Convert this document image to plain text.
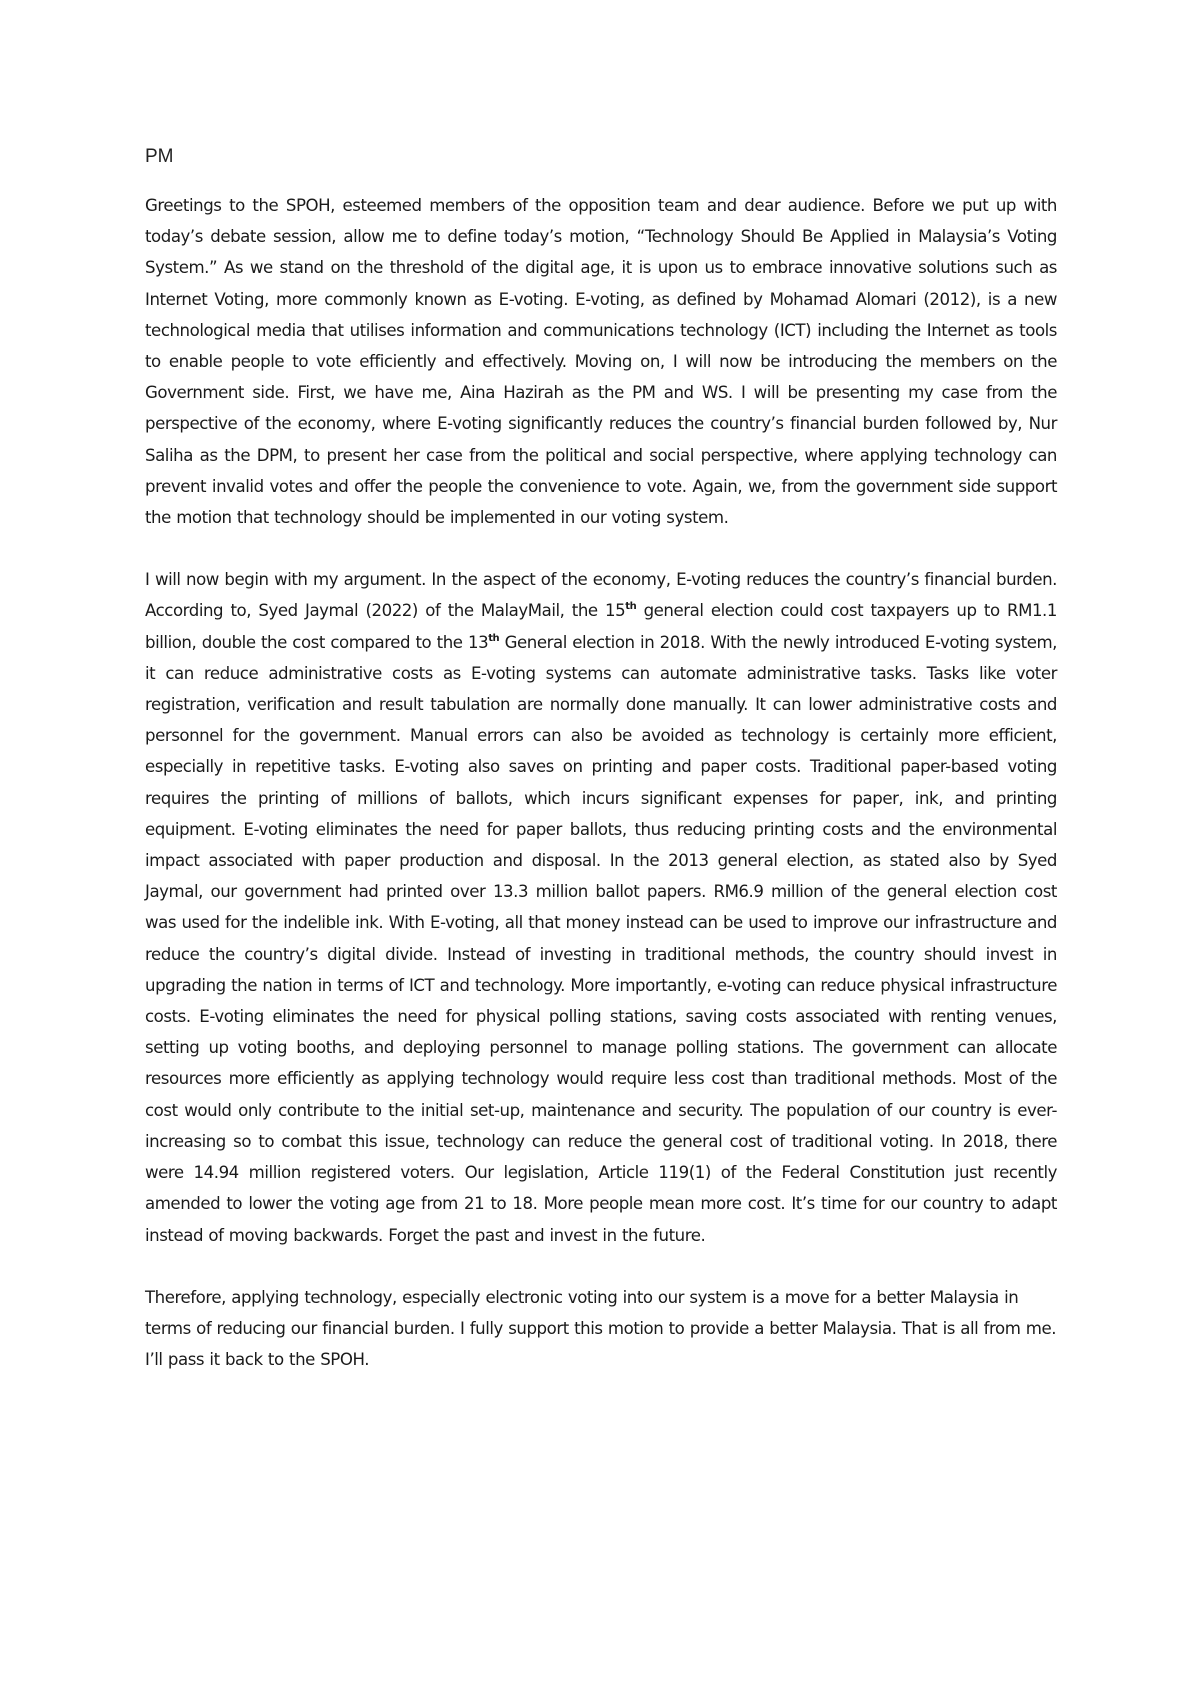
PM

Greetings to the SPOH, esteemed members of the opposition team and dear audience. Before we put up with today’s debate session, allow me to define today’s motion, “Technology Should Be Applied in Malaysia’s Voting System.” As we stand on the threshold of the digital age, it is upon us to embrace innovative solutions such as Internet Voting, more commonly known as E-voting. E-voting, as defined by Mohamad Alomari (2012), is a new technological media that utilises information and communications technology (ICT) including the Internet as tools to enable people to vote efficiently and effectively. Moving on, I will now be introducing the members on the Government side. First, we have me, Aina Hazirah as the PM and WS. I will be presenting my case from the perspective of the economy, where E-voting significantly reduces the country’s financial burden followed by, Nur Saliha as the DPM, to present her case from the political and social perspective, where applying technology can prevent invalid votes and offer the people the convenience to vote. Again, we, from the government side support the motion that technology should be implemented in our voting system.

I will now begin with my argument. In the aspect of the economy, E-voting reduces the country’s financial burden. According to, Syed Jaymal (2022) of the MalayMail, the 15th general election could cost taxpayers up to RM1.1 billion, double the cost compared to the 13th General election in 2018. With the newly introduced E-voting system, it can reduce administrative costs as E-voting systems can automate administrative tasks. Tasks like voter registration, verification and result tabulation are normally done manually. It can lower administrative costs and personnel for the government. Manual errors can also be avoided as technology is certainly more efficient, especially in repetitive tasks. E-voting also saves on printing and paper costs. Traditional paper-based voting requires the printing of millions of ballots, which incurs significant expenses for paper, ink, and printing equipment. E-voting eliminates the need for paper ballots, thus reducing printing costs and the environmental impact associated with paper production and disposal. In the 2013 general election, as stated also by Syed Jaymal, our government had printed over 13.3 million ballot papers. RM6.9 million of the general election cost was used for the indelible ink. With E-voting, all that money instead can be used to improve our infrastructure and reduce the country’s digital divide. Instead of investing in traditional methods, the country should invest in upgrading the nation in terms of ICT and technology. More importantly, e-voting can reduce physical infrastructure costs. E-voting eliminates the need for physical polling stations, saving costs associated with renting venues, setting up voting booths, and deploying personnel to manage polling stations. The government can allocate resources more efficiently as applying technology would require less cost than traditional methods. Most of the cost would only contribute to the initial set-up, maintenance and security. The population of our country is ever-increasing so to combat this issue, technology can reduce the general cost of traditional voting. In 2018, there were 14.94 million registered voters. Our legislation, Article 119(1) of the Federal Constitution just recently amended to lower the voting age from 21 to 18. More people mean more cost. It’s time for our country to adapt instead of moving backwards. Forget the past and invest in the future.

Therefore, applying technology, especially electronic voting into our system is a move for a better Malaysia in terms of reducing our financial burden. I fully support this motion to provide a better Malaysia. That is all from me. I’ll pass it back to the SPOH.
